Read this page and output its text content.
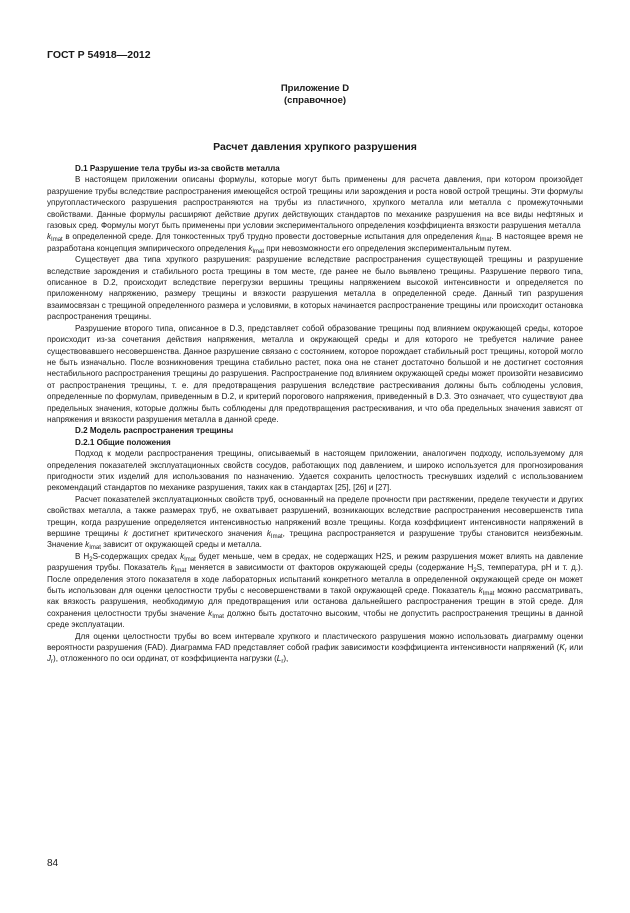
ГОСТ Р 54918—2012
Приложение D
(справочное)
Расчет давления хрупкого разрушения

D.1 Разрушение тела трубы из-за свойств металла

В настоящем приложении описаны формулы, которые могут быть применены для расчета давления, при котором произойдет разрушение трубы вследствие распространения имеющейся острой трещины или зарождения и роста новой острой трещины. Эти формулы упругопластического разрушения распространяются на трубы из пластичного, хрупкого металла или металла с промежуточными свойствами. Данные формулы расширяют действие других действующих стандартов по механике разрушения на все виды нефтяных и газовых сред. Формулы могут быть применены при условии экспериментального определения коэффициента вязкости разрушения металла  $k_{Imat}$ в определенной среде. Для тонкостенных труб трудно провести достоверные испытания для определения $k_{Imat}$. В настоящее время не разработана концепция эмпирического определения $k_{Imat}$ при невозможности его определения экспериментальным путем.

Существует два типа хрупкого разрушения: разрушение вследствие распространения существующей трещины и разрушение вследствие зарождения и стабильного роста трещины в том месте, где ранее не было выявлено трещины. Разрушение первого типа, описанное в D.2, происходит вследствие перегрузки вершины трещины напряжением высокой интенсивности и определяется по приложенному напряжению, размеру трещины и вязкости разрушения металла в определенной среде. Данный тип разрушения взаимосвязан с трещиной определенного размера и условиями, в которых начинается распространение трещины или происходит остановка распространения трещины.

Разрушение второго типа, описанное в D.3, представляет собой образование трещины под влиянием окружающей среды, которое происходит из-за сочетания действия напряжения, металла и окружающей среды и для которого не требуется наличие ранее существовавшего несовершенства. Данное разрушение связано с состоянием, которое порождает стабильный рост трещины, которой могло не быть изначально. После возникновения трещина стабильно растет, пока она не станет достаточно большой и не достигнет состояния нестабильного распространения трещины до разрушения. Распространение под влиянием окружающей среды может произойти независимо от распространения трещины, т. е. для предотвращения разрушения вследствие растрескивания должны быть соблюдены условия, определенные по формулам, приведенным в D.2, и критерий порогового напряжения, приведенный в D.3. Это означает, что существуют два предельных значения, которые должны быть соблюдены для предотвращения растрескивания, и что оба предельных значения зависят от напряжения и вязкости разрушения металла в данной среде.

D.2 Модель распространения трещины

D.2.1 Общие положения

Подход к модели распространения трещины, описываемый в настоящем приложении, аналогичен подходу, используемому для определения показателей эксплуатационных свойств сосудов, работающих под давлением, и широко используется для прогнозирования пригодности этих изделий для использования по назначению. Удается сохранить целостность треснувших изделий с использованием рекомендаций стандартов по механике разрушения, таких как в стандартах [25], [26] и [27].

Расчет показателей эксплуатационных свойств труб, основанный на пределе прочности при растяжении, пределе текучести и других свойствах металла, а также размерах труб, не охватывает разрушений, возникающих вследствие распространения несовершенств типа трещин, когда разрушение определяется интенсивностью напряжений возле трещины. Когда коэффициент интенсивности напряжений в вершине трещины k достигнет критического значения $k_{Imat}$, трещина распространяется и разрушение трубы становится неизбежным. Значение $k_{Imat}$ зависит от окружающей среды и металла.

В $H_2S$-содержащих средах $k_{Imat}$ будет меньше, чем в средах, не содержащих H2S, и режим разрушения может влиять на давление разрушения трубы. Показатель $k_{Imat}$ меняется в зависимости от факторов окружающей среды (содержание $H_2S$, температура, pH и т. д.). После определения этого показателя в ходе лабораторных испытаний конкретного металла в определенной окружающей среде он может быть использован для оценки целостности трубы с несовершенствами в такой окружающей среде. Показатель $k_{Imat}$ можно рассматривать, как вязкость разрушения, необходимую для предотвращения или останова дальнейшего распространения трещин в этой среде. Для сохранения целостности трубы значение $k_{Imat}$ должно быть достаточно высоким, чтобы не допустить распространения трещины в данной среде эксплуатации.

Для оценки целостности трубы во всем интервале хрупкого и пластического разрушения можно использовать диаграмму оценки вероятности разрушения (FAD). Диаграмма FAD представляет собой график зависимости коэффициента интенсивности напряжений ($K_r$ или $J_r$), отложенного по оси ординат, от коэффициента нагрузки $(L_r)$,

84
